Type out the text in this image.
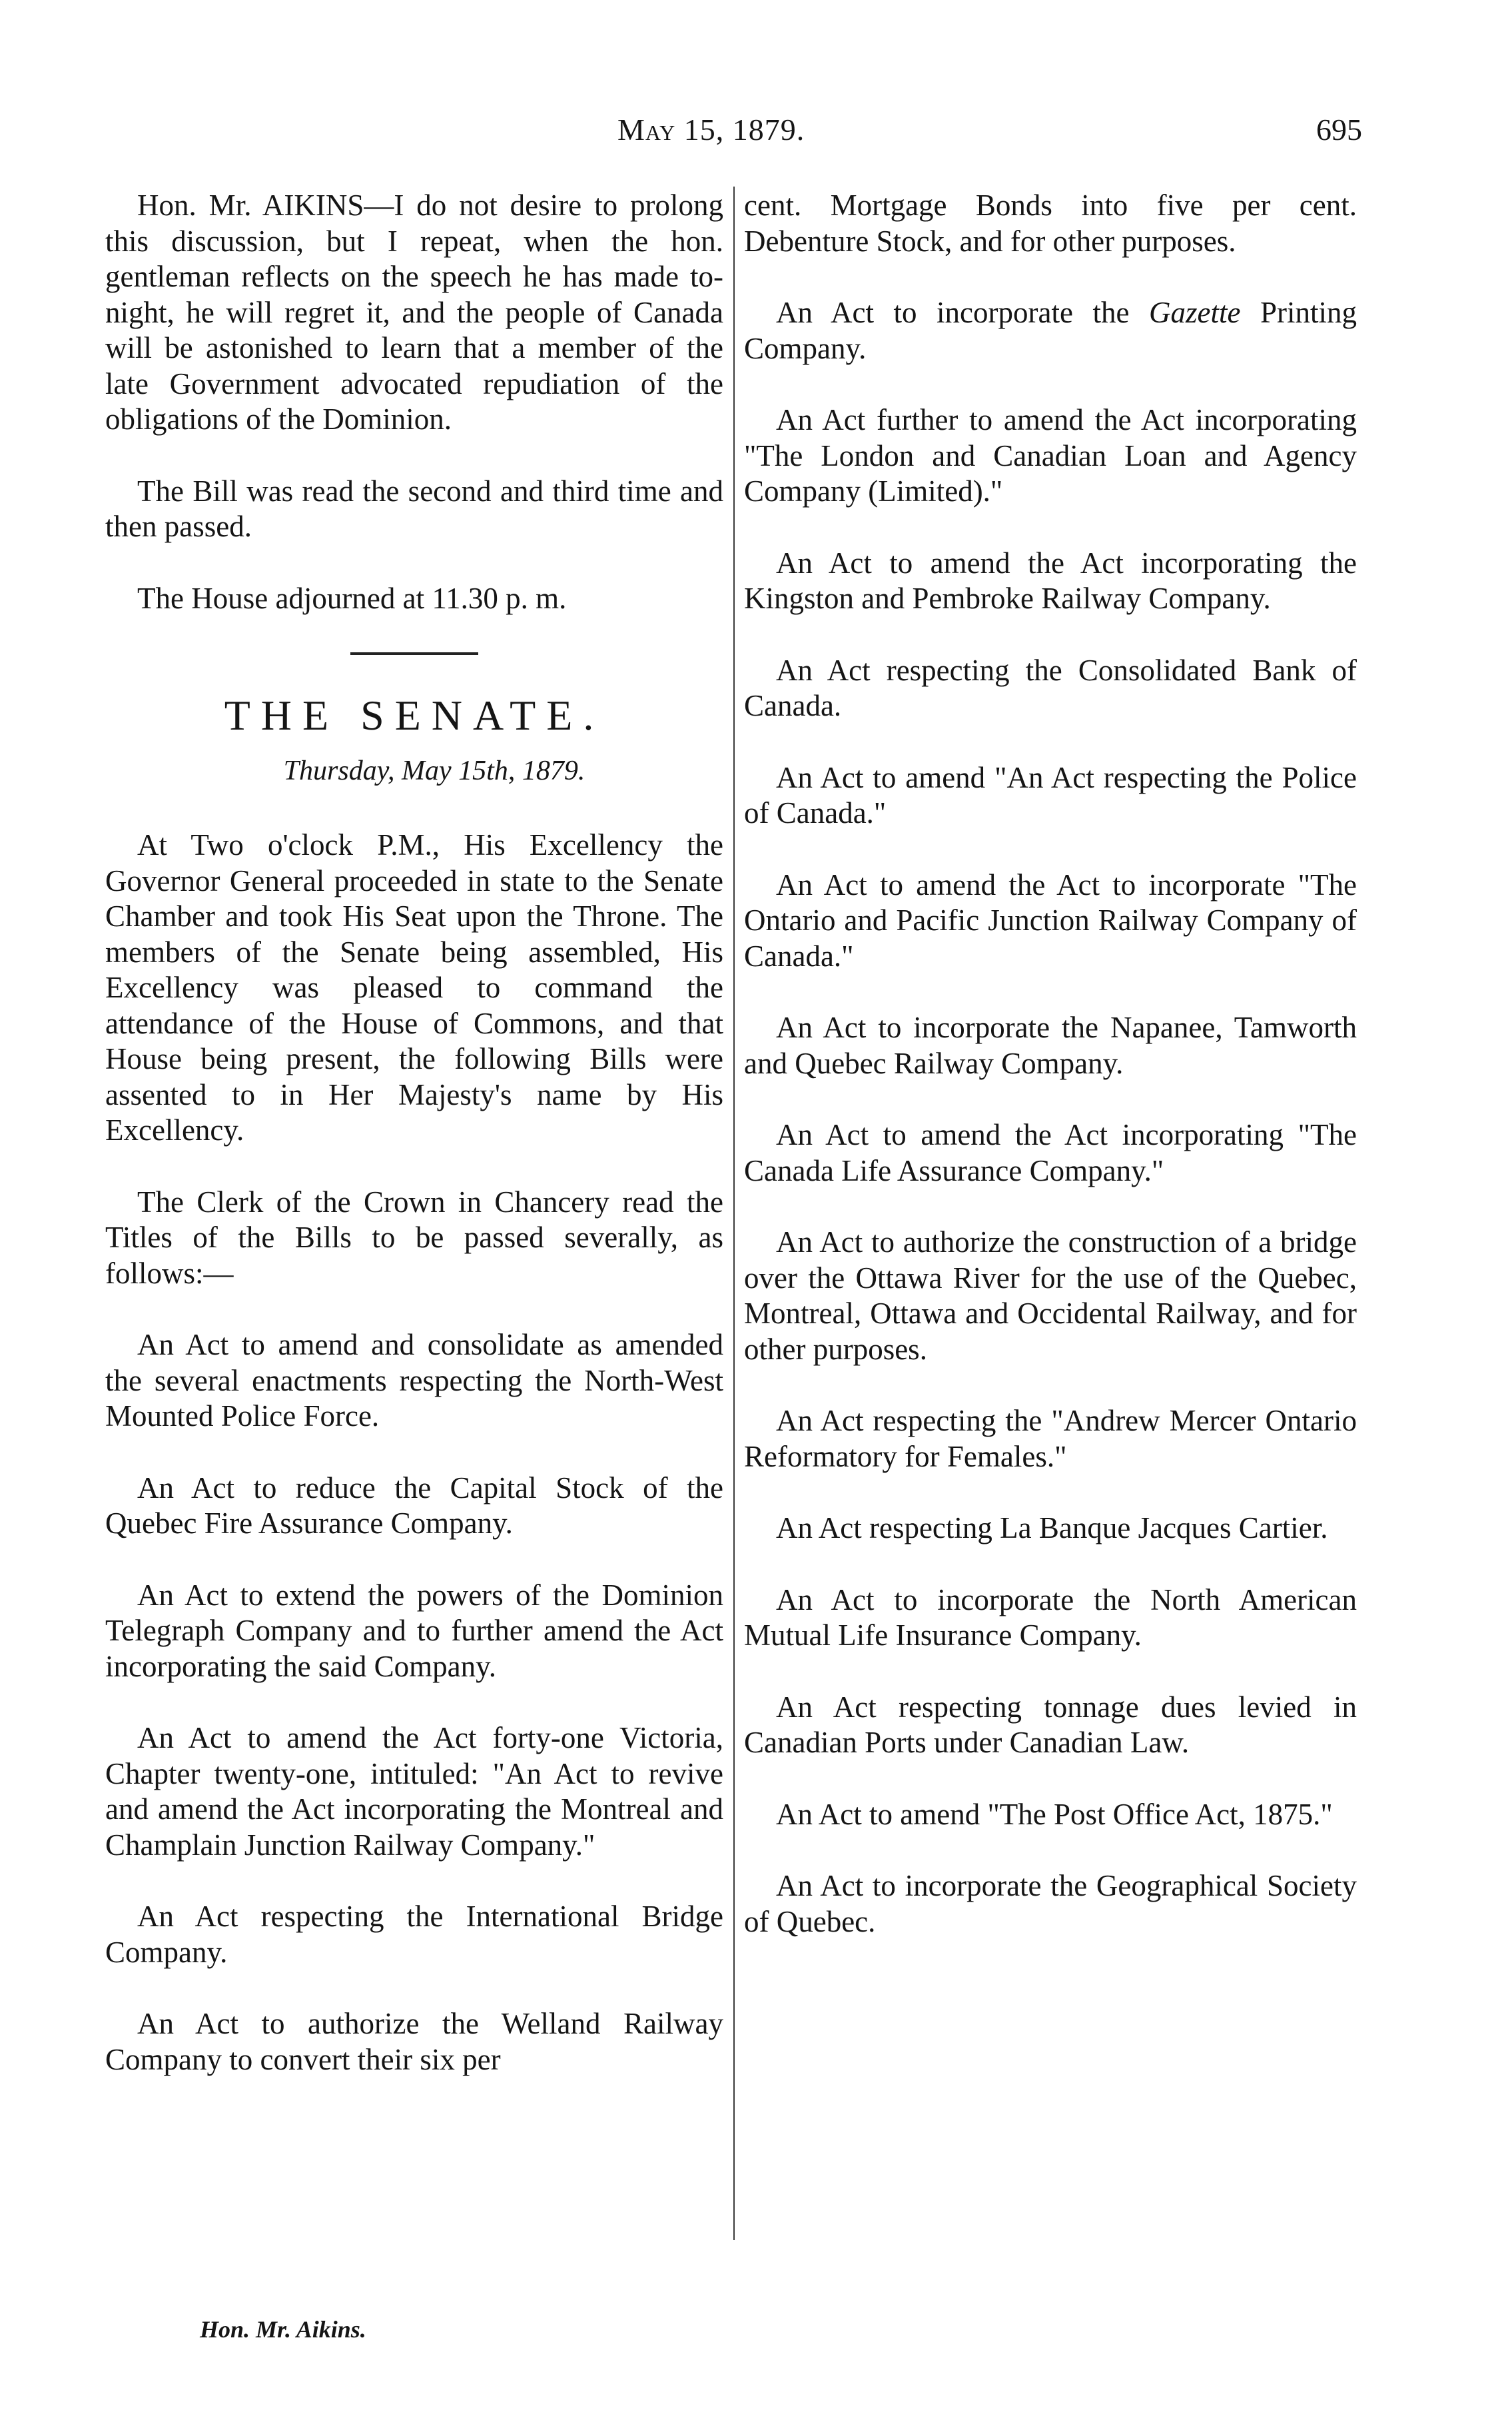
May 15, 1879.	695

Hon. Mr. AIKINS—I do not desire to prolong this discussion, but I repeat, when the hon. gentleman reflects on the speech he has made to-night, he will regret it, and the people of Canada will be astonished to learn that a member of the late Government advocated repudiation of the obligations of the Dominion.

The Bill was read the second and third time and then passed.

The House adjourned at 11.30 p. m.

THE SENATE.

Thursday, May 15th, 1879.

At Two o'clock P.M., His Excellency the Governor General proceeded in state to the Senate Chamber and took His Seat upon the Throne. The members of the Senate being assembled, His Excellency was pleased to command the attendance of the House of Commons, and that House being present, the following Bills were assented to in Her Majesty's name by His Excellency.

The Clerk of the Crown in Chancery read the Titles of the Bills to be passed severally, as follows:—

An Act to amend and consolidate as amended the several enactments respecting the North-West Mounted Police Force.

An Act to reduce the Capital Stock of the Quebec Fire Assurance Company.

An Act to extend the powers of the Dominion Telegraph Company and to further amend the Act incorporating the said Company.

An Act to amend the Act forty-one Victoria, Chapter twenty-one, intituled: "An Act to revive and amend the Act incorporating the Montreal and Champlain Junction Railway Company."

An Act respecting the International Bridge Company.

An Act to authorize the Welland Railway Company to convert their six per

Hon. Mr. Aikins.

cent. Mortgage Bonds into five per cent. Debenture Stock, and for other purposes.

An Act to incorporate the Gazette Printing Company.

An Act further to amend the Act incorporating "The London and Canadian Loan and Agency Company (Limited)."

An Act to amend the Act incorporating the Kingston and Pembroke Railway Company.

An Act respecting the Consolidated Bank of Canada.

An Act to amend "An Act respecting the Police of Canada."

An Act to amend the Act to incorporate "The Ontario and Pacific Junction Railway Company of Canada."

An Act to incorporate the Napanee, Tamworth and Quebec Railway Company.

An Act to amend the Act incorporating "The Canada Life Assurance Company."

An Act to authorize the construction of a bridge over the Ottawa River for the use of the Quebec, Montreal, Ottawa and Occidental Railway, and for other purposes.

An Act respecting the "Andrew Mercer Ontario Reformatory for Females."

An Act respecting La Banque Jacques Cartier.

An Act to incorporate the North American Mutual Life Insurance Company.

An Act respecting tonnage dues levied in Canadian Ports under Canadian Law.

An Act to amend "The Post Office Act, 1875."

An Act to incorporate the Geographical Society of Quebec.
